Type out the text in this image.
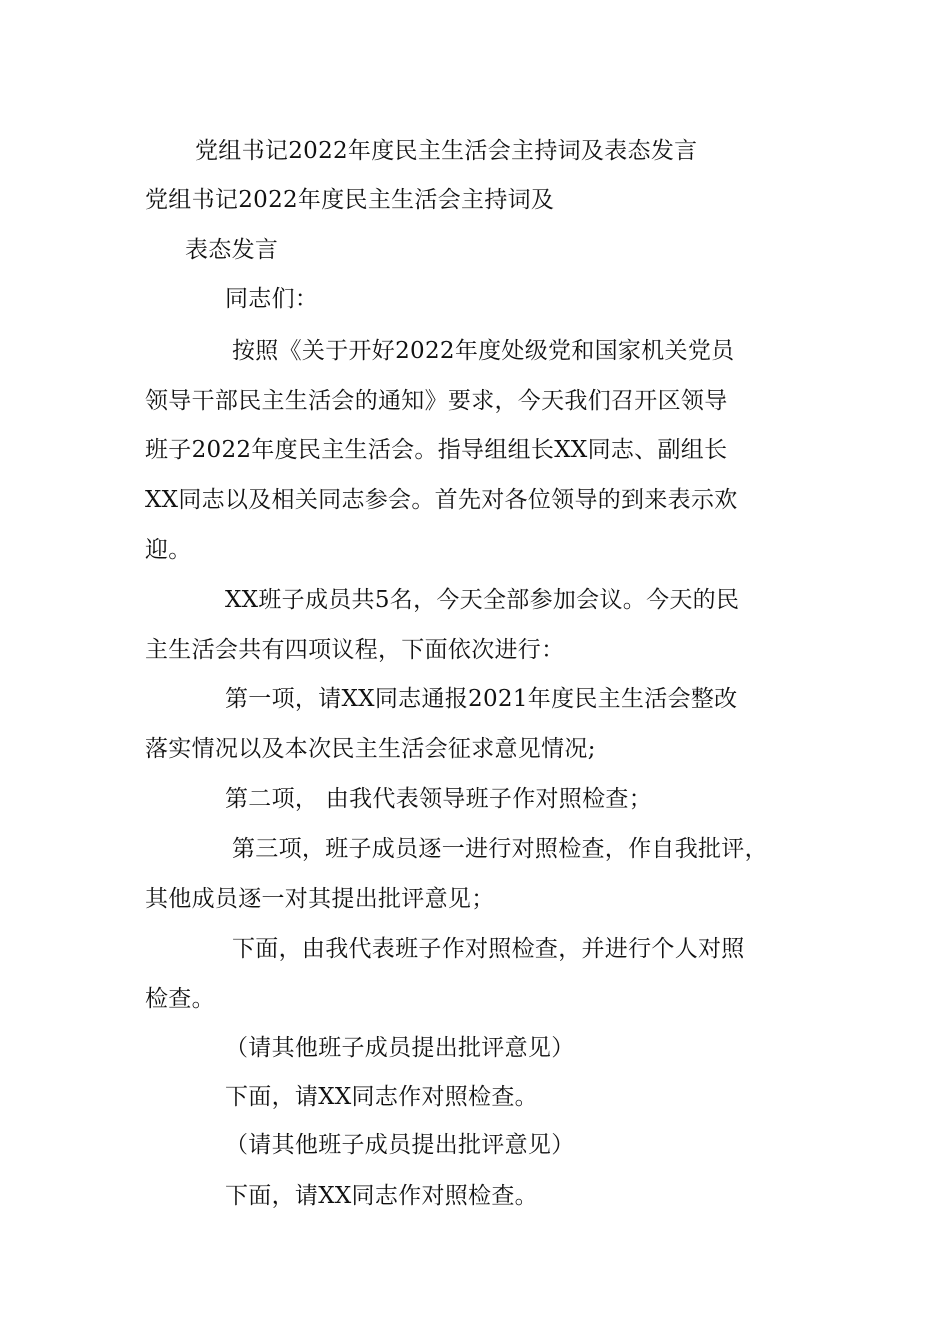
党组书记2022年度民主生活会主持词及表态发言
党组书记2022年度民主生活会主持词及
表态发言
同志们：
按照《关于开好2022年度处级党和国家机关党员
领导干部民主生活会的通知》要求，今天我们召开区领导
班子2022年度民主生活会。指导组组长XX同志、副组长
XX同志以及相关同志参会。首先对各位领导的到来表示欢
迎。
XX班子成员共5名，今天全部参加会议。今天的民
主生活会共有四项议程，下面依次进行：
第一项，请XX同志通报2021年度民主生活会整改
落实情况以及本次民主生活会征求意见情况;
第二项， 由我代表领导班子作对照检查；
第三项，班子成员逐一进行对照检查，作自我批评，
其他成员逐一对其提出批评意见；
下面，由我代表班子作对照检查，并进行个人对照
检查。
（请其他班子成员提出批评意见）
下面，请XX同志作对照检查。
（请其他班子成员提出批评意见）
下面，请XX同志作对照检查。
